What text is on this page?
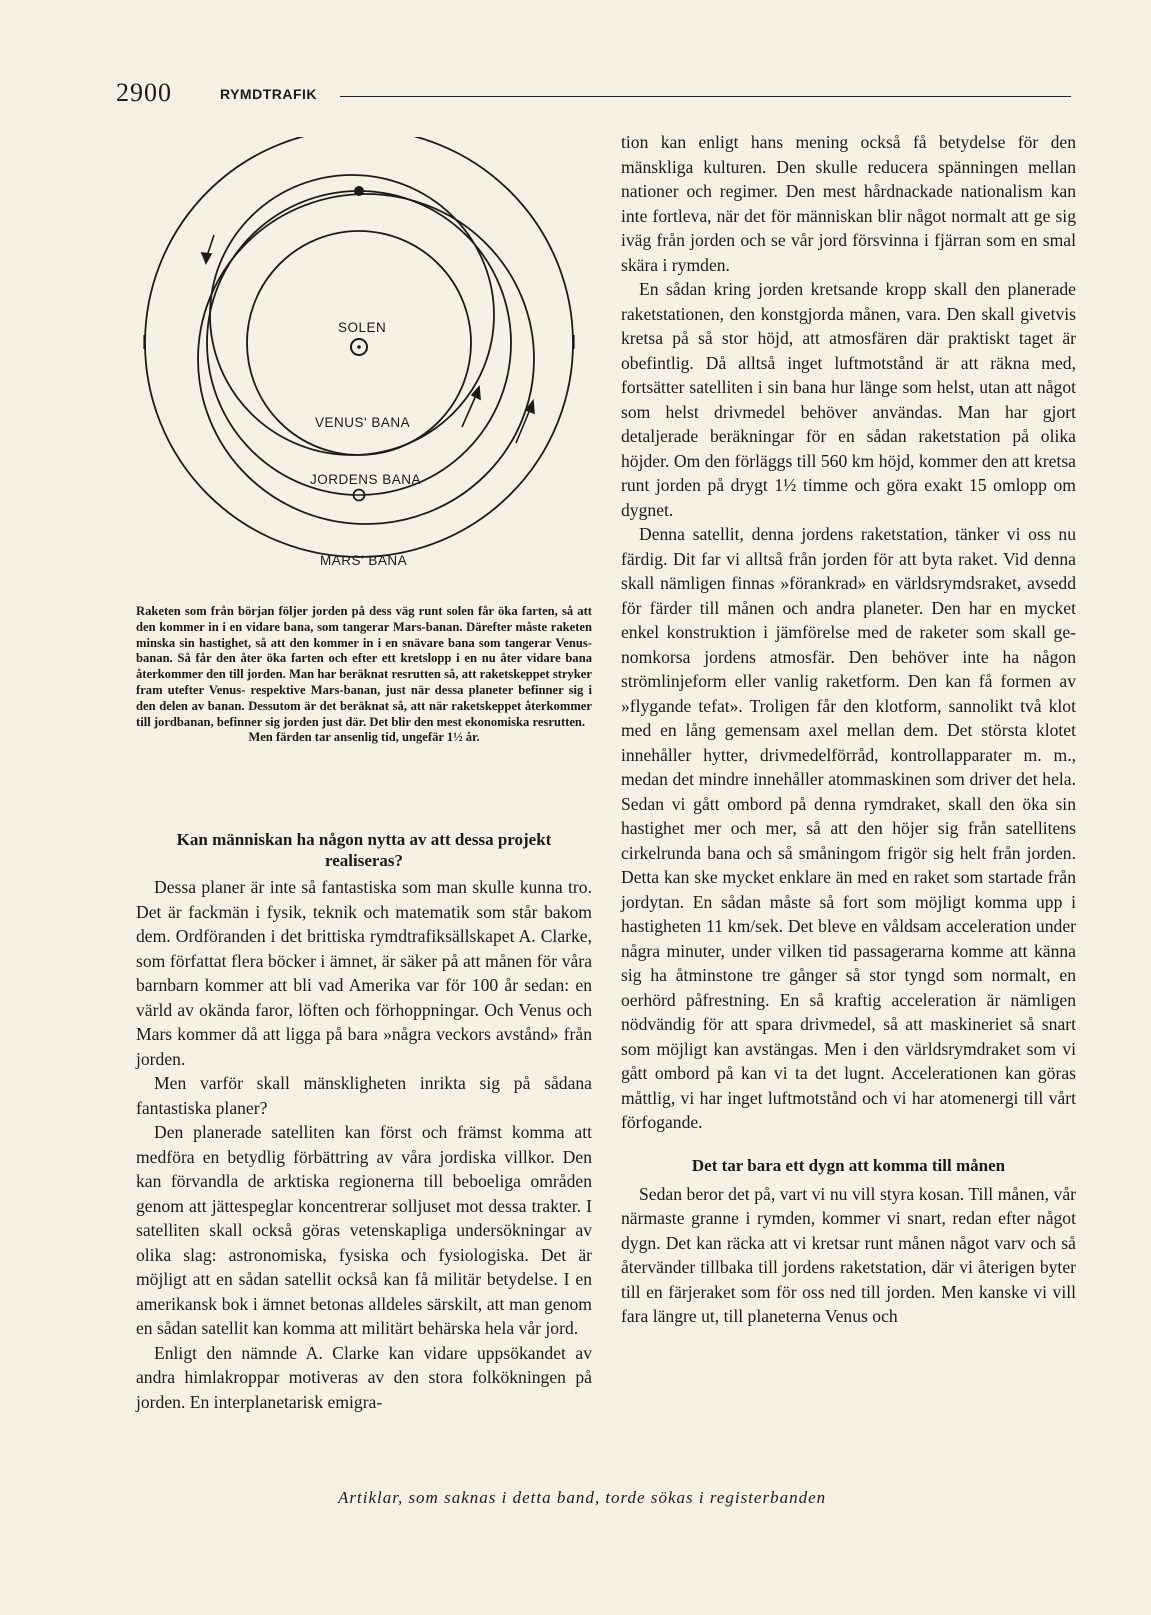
2900	RYMDTRAFIK
SOLEN
VENUS' BANA
JORDENS BANA
MARS' BANA
Raketen som från början följer jorden på dess väg runt solen får öka farten, så att den kommer in i en vidare bana, som tangerar Mars-banan. Därefter måste raketen minska sin hastighet, så att den kommer in i en snävare bana som tangerar Venus-banan. Så får den åter öka farten och efter ett kretslopp i en nu åter vidare bana återkommer den till jorden. Man har beräknat resrutten så, att raketskeppet stryker fram utefter Venus- respektive Mars-banan, just när dessa planeter befinner sig i den delen av banan. Dessutom är det beräknat så, att när raketskeppet återkommer till jordbanan, befinner sig jorden just där. Det blir den mest ekonomiska resrutten.
Men färden tar ansenlig tid, ungefär 1½ år.

Kan människan ha någon nytta av att dessa projekt realiseras?

Dessa planer är inte så fantastiska som man skulle kunna tro. Det är fackmän i fysik, teknik och matematik som står bakom dem. Ordföranden i det brittiska rymdtrafiksällskapet A. Clarke, som författat flera böcker i ämnet, är säker på att månen för våra barnbarn kommer att bli vad Amerika var för 100 år sedan: en värld av okända faror, löften och förhoppningar. Och Venus och Mars kommer då att ligga på bara »några veckors avstånd» från jorden.

Men varför skall mänskligheten inrikta sig på sådana fantastiska planer?

Den planerade satelliten kan först och främst komma att medföra en betydlig förbättring av våra jordiska villkor. Den kan förvandla de arktiska regionerna till beboeliga områden genom att jättespeglar koncentrerar solljuset mot dessa trakter. I satelliten skall också göras vetenskapliga undersökningar av olika slag: astronomiska, fysiska och fysiologiska. Det är möjligt att en sådan satellit också kan få militär betydelse. I en amerikansk bok i ämnet betonas alldeles särskilt, att man genom en sådan satellit kan komma att militärt behärska hela vår jord.

Enligt den nämnde A. Clarke kan vidare uppsökandet av andra himlakroppar motiveras av den stora folkökningen på jorden. En interplanetarisk emigra-

tion kan enligt hans mening också få betydelse för den mänskliga kulturen. Den skulle reducera spänningen mellan nationer och regimer. Den mest hårdnackade nationalism kan inte fortleva, när det för människan blir något normalt att ge sig iväg från jorden och se vår jord försvinna i fjärran som en smal skära i rymden.

En sådan kring jorden kretsande kropp skall den planerade raketstationen, den konstgjorda månen, vara. Den skall givetvis kretsa på så stor höjd, att atmosfären där praktiskt taget är obefintlig. Då alltså inget luftmotstånd är att räkna med, fortsätter satelliten i sin bana hur länge som helst, utan att något som helst drivmedel behöver användas. Man har gjort detaljerade beräkningar för en sådan raketstation på olika höjder. Om den förläggs till 560 km höjd, kommer den att kretsa runt jorden på drygt 1½ timme och göra exakt 15 omlopp om dygnet.

Denna satellit, denna jordens raketstation, tänker vi oss nu färdig. Dit far vi alltså från jorden för att byta raket. Vid denna skall nämligen finnas »förankrad» en världsrymdsraket, avsedd för färder till månen och andra planeter. Den har en mycket enkel konstruktion i jämförelse med de raketer som skall genomkorsa jordens atmosfär. Den behöver inte ha någon strömlinjeform eller vanlig raketform. Den kan få formen av »flygande tefat». Troligen får den klotform, sannolikt två klot med en lång gemensam axel mellan dem. Det största klotet innehåller hytter, drivmedelförråd, kontrollapparater m. m., medan det mindre innehåller atommaskinen som driver det hela. Sedan vi gått ombord på denna rymdraket, skall den öka sin hastighet mer och mer, så att den höjer sig från satellitens cirkelrunda bana och så småningom frigör sig helt från jorden. Detta kan ske mycket enklare än med en raket som startade från jordytan. En sådan måste så fort som möjligt komma upp i hastigheten 11 km/sek. Det bleve en våldsam acceleration under några minuter, under vilken tid passagerarna komme att känna sig ha åtminstone tre gånger så stor tyngd som normalt, en oerhörd påfrestning. En så kraftig acceleration är nämligen nödvändig för att spara drivmedel, så att maskineriet så snart som möjligt kan avstängas. Men i den världsrymdraket som vi gått ombord på kan vi ta det lugnt. Accelerationen kan göras måttlig, vi har inget luftmotstånd och vi har atomenergi till vårt förfogande.

Det tar bara ett dygn att komma till månen

Sedan beror det på, vart vi nu vill styra kosan. Till månen, vår närmaste granne i rymden, kommer vi snart, redan efter något dygn. Det kan räcka att vi kretsar runt månen något varv och så återvänder tillbaka till jordens raketstation, där vi återigen byter till en färjeraket som för oss ned till jorden. Men kanske vi vill fara längre ut, till planeterna Venus och

Artiklar, som saknas i detta band, torde sökas i registerbanden
